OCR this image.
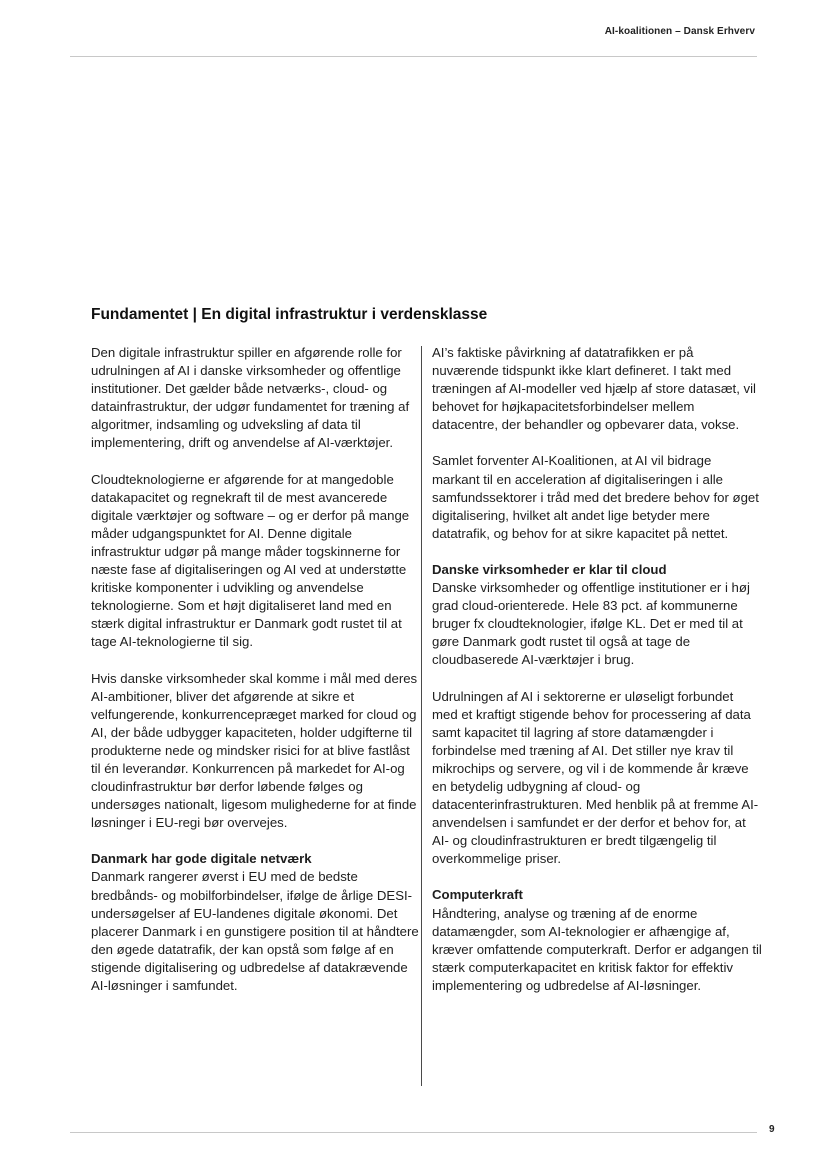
AI-koalitionen – Dansk Erhverv
Fundamentet | En digital infrastruktur i verdensklasse

Den digitale infrastruktur spiller en afgørende rolle for udrulningen af AI i danske virksomheder og offentlige institutioner. Det gælder både netværks-, cloud- og datainfrastruktur, der udgør fundamentet for træning af algoritmer, indsamling og udveksling af data til implementering, drift og anvendelse af AI-værktøjer.

Cloudteknologierne er afgørende for at mangedoble datakapacitet og regnekraft til de mest avancerede digitale værktøjer og software – og er derfor på mange måder udgangspunktet for AI. Denne digitale infrastruktur udgør på mange måder togskinnerne for næste fase af digitaliseringen og AI ved at understøtte kritiske komponenter i udvikling og anvendelse teknologierne. Som et højt digitaliseret land med en stærk digital infrastruktur er Danmark godt rustet til at tage AI-teknologierne til sig.

Hvis danske virksomheder skal komme i mål med deres AI-ambitioner, bliver det afgørende at sikre et velfungerende, konkurrencepræget marked for cloud og AI, der både udbygger kapaciteten, holder udgifterne til produkterne nede og mindsker risici for at blive fastlåst til én leverandør. Konkurrencen på markedet for AI-og cloudinfrastruktur bør derfor løbende følges og undersøges nationalt, ligesom mulighederne for at finde løsninger i EU-regi bør overvejes.

Danmark har gode digitale netværk

Danmark rangerer øverst i EU med de bedste bredbånds- og mobilforbindelser, ifølge de årlige DESI-undersøgelser af EU-landenes digitale økonomi. Det placerer Danmark i en gunstigere position til at håndtere den øgede datatrafik, der kan opstå som følge af en stigende digitalisering og udbredelse af datakrævende AI-løsninger i samfundet.

AI’s faktiske påvirkning af datatrafikken er på nuværende tidspunkt ikke klart defineret. I takt med træningen af AI-modeller ved hjælp af store datasæt, vil behovet for højkapacitetsforbindelser mellem datacentre, der behandler og opbevarer data, vokse.

Samlet forventer AI-Koalitionen, at AI vil bidrage markant til en acceleration af digitaliseringen i alle samfundssektorer i tråd med det bredere behov for øget digitalisering, hvilket alt andet lige betyder mere datatrafik, og behov for at sikre kapacitet på nettet.

Danske virksomheder er klar til cloud

Danske virksomheder og offentlige institutioner er i høj grad cloud-orienterede. Hele 83 pct. af kommunerne bruger fx cloudteknologier, ifølge KL. Det er med til at gøre Danmark godt rustet til også at tage de cloudbaserede AI-værktøjer i brug.

Udrulningen af AI i sektorerne er uløseligt forbundet med et kraftigt stigende behov for processering af data samt kapacitet til lagring af store datamængder i forbindelse med træning af AI. Det stiller nye krav til mikrochips og servere, og vil i de kommende år kræve en betydelig udbygning af cloud- og datacenterinfrastrukturen. Med henblik på at fremme AI-anvendelsen i samfundet er der derfor et behov for, at AI- og cloudinfrastrukturen er bredt tilgængelig til overkommelige priser.

Computerkraft

Håndtering, analyse og træning af de enorme datamængder, som AI-teknologier er afhængige af, kræver omfattende computerkraft. Derfor er adgangen til stærk computerkapacitet en kritisk faktor for effektiv implementering og udbredelse af AI-løsninger.

9
